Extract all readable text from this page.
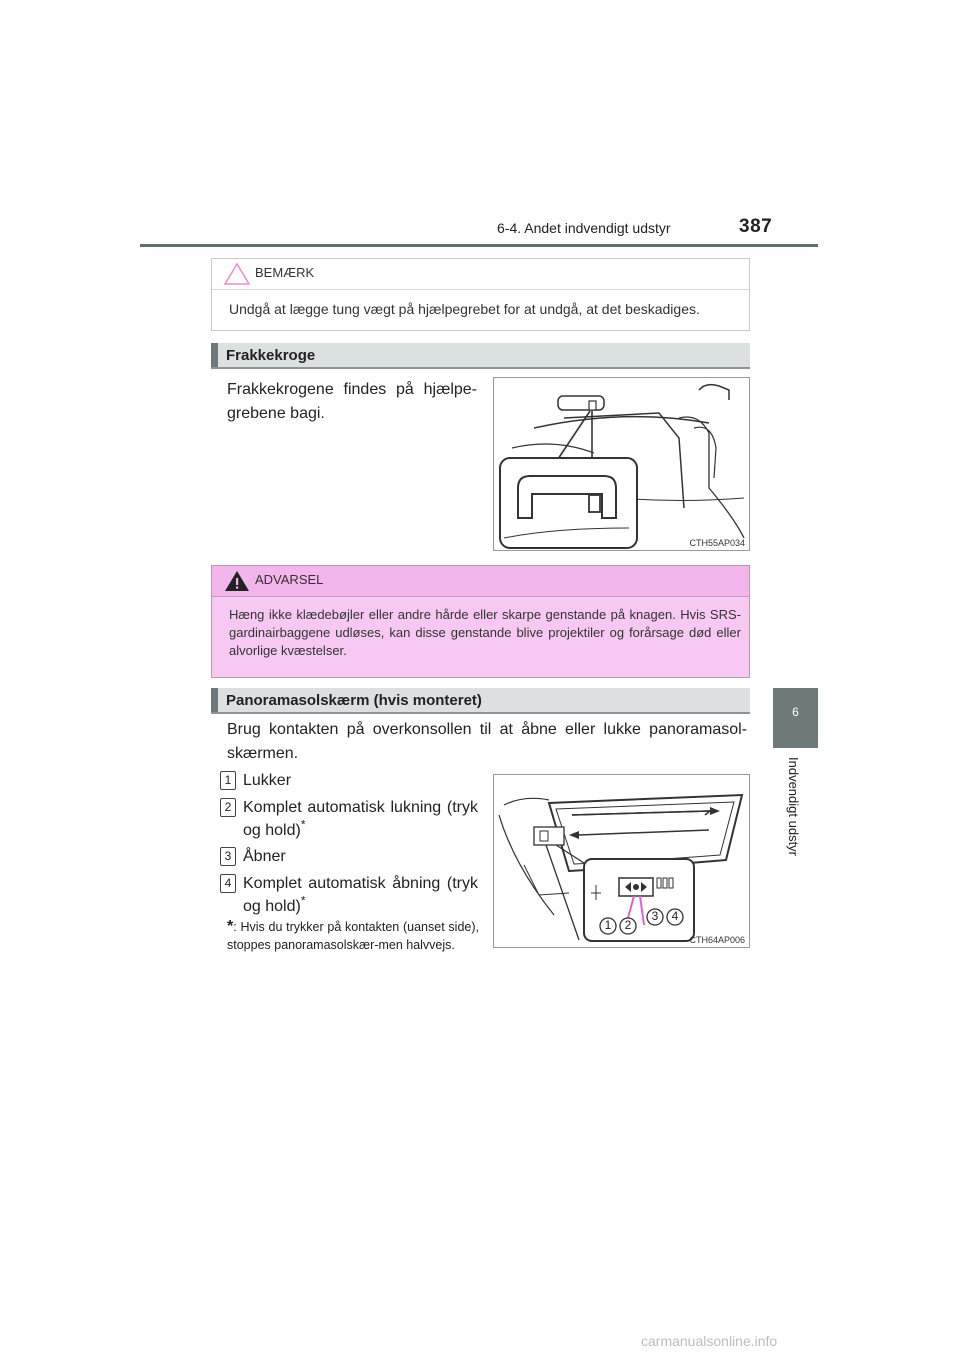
6-4. Andet indvendigt udstyr	387
6
Indvendigt udstyr
BEMÆRK
Undgå at lægge tung vægt på hjælpegrebet for at undgå, at det beskadiges.
Frakkekroge
Frakkekrogene findes på hjælpe-grebene bagi.
CTH55AP034
ADVARSEL
Hæng ikke klædebøjler eller andre hårde eller skarpe genstande på knagen. Hvis SRS-gardinairbaggene udløses, kan disse genstande blive projektiler og forårsage død eller alvorlige kvæstelser.
Panoramasolskærm (hvis monteret)
Brug kontakten på overkonsollen til at åbne eller lukke panoramasol-skærmen.
1 Lukker
2 Komplet automatisk lukning (tryk og hold)*
3 Åbner
4 Komplet automatisk åbning (tryk og hold)*
*: Hvis du trykker på kontakten (uanset side), stoppes panoramasolskær-men halvvejs.
1	2
3	4
CTH64AP006
carmanualsonline.info
